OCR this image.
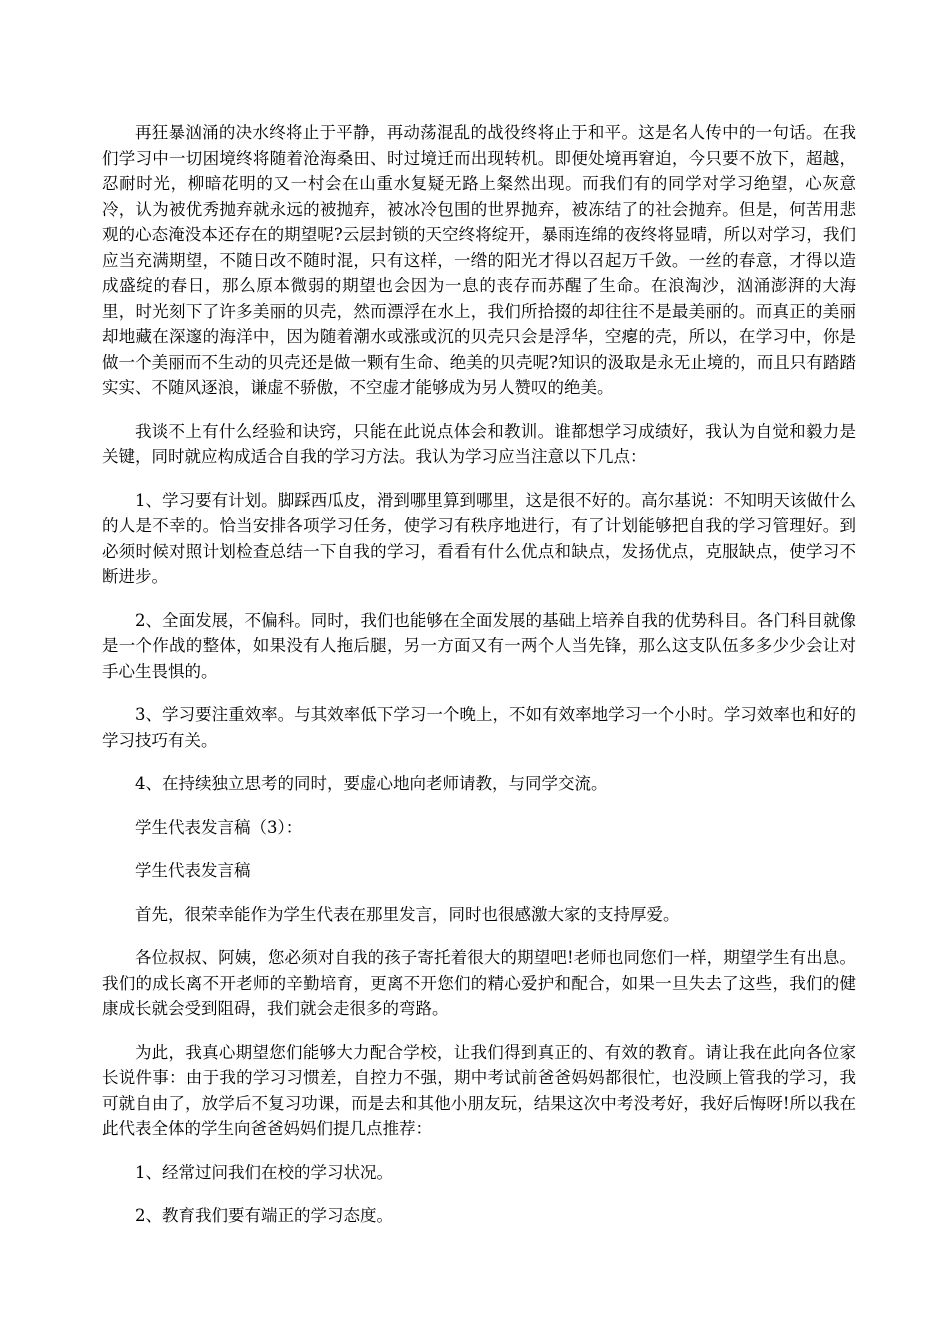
再狂暴汹涌的决水终将止于平静，再动荡混乱的战役终将止于和平。这是名人传中的一句话。在我们学习中一切困境终将随着沧海桑田、时过境迁而出现转机。即便处境再窘迫，今只要不放下，超越，忍耐时光，柳暗花明的又一村会在山重水复疑无路上粲然出现。而我们有的同学对学习绝望，心灰意冷，认为被优秀抛弃就永远的被抛弃，被冰冷包围的世界抛弃，被冻结了的社会抛弃。但是，何苦用悲观的心态淹没本还存在的期望呢?云层封锁的天空终将绽开，暴雨连绵的夜终将显晴，所以对学习，我们应当充满期望，不随日改不随时混，只有这样，一绺的阳光才得以召起万千敛。一丝的春意，才得以造成盛绽的春日，那么原本微弱的期望也会因为一息的丧存而苏醒了生命。在浪淘沙，汹涌澎湃的大海里，时光刻下了许多美丽的贝壳，然而漂浮在水上，我们所拾掇的却往往不是最美丽的。而真正的美丽却地藏在深邃的海洋中，因为随着潮水或涨或沉的贝壳只会是浮华，空瘪的壳，所以，在学习中，你是做一个美丽而不生动的贝壳还是做一颗有生命、绝美的贝壳呢?知识的汲取是永无止境的，而且只有踏踏实实、不随风逐浪，谦虚不骄傲，不空虚才能够成为另人赞叹的绝美。

我谈不上有什么经验和诀窍，只能在此说点体会和教训。谁都想学习成绩好，我认为自觉和毅力是关键，同时就应构成适合自我的学习方法。我认为学习应当注意以下几点：

1、学习要有计划。脚踩西瓜皮，滑到哪里算到哪里，这是很不好的。高尔基说：不知明天该做什么的人是不幸的。恰当安排各项学习任务，使学习有秩序地进行，有了计划能够把自我的学习管理好。到必须时候对照计划检查总结一下自我的学习，看看有什么优点和缺点，发扬优点，克服缺点，使学习不断进步。

2、全面发展，不偏科。同时，我们也能够在全面发展的基础上培养自我的优势科目。各门科目就像是一个作战的整体，如果没有人拖后腿，另一方面又有一两个人当先锋，那么这支队伍多多少少会让对手心生畏惧的。

3、学习要注重效率。与其效率低下学习一个晚上，不如有效率地学习一个小时。学习效率也和好的学习技巧有关。

4、在持续独立思考的同时，要虚心地向老师请教，与同学交流。

学生代表发言稿（3）：

学生代表发言稿

首先，很荣幸能作为学生代表在那里发言，同时也很感激大家的支持厚爱。

各位叔叔、阿姨，您必须对自我的孩子寄托着很大的期望吧!老师也同您们一样，期望学生有出息。我们的成长离不开老师的辛勤培育，更离不开您们的精心爱护和配合，如果一旦失去了这些，我们的健康成长就会受到阻碍，我们就会走很多的弯路。

为此，我真心期望您们能够大力配合学校，让我们得到真正的、有效的教育。请让我在此向各位家长说件事：由于我的学习习惯差，自控力不强，期中考试前爸爸妈妈都很忙，也没顾上管我的学习，我可就自由了，放学后不复习功课，而是去和其他小朋友玩，结果这次中考没考好，我好后悔呀!所以我在此代表全体的学生向爸爸妈妈们提几点推荐：

1、经常过问我们在校的学习状况。

2、教育我们要有端正的学习态度。
